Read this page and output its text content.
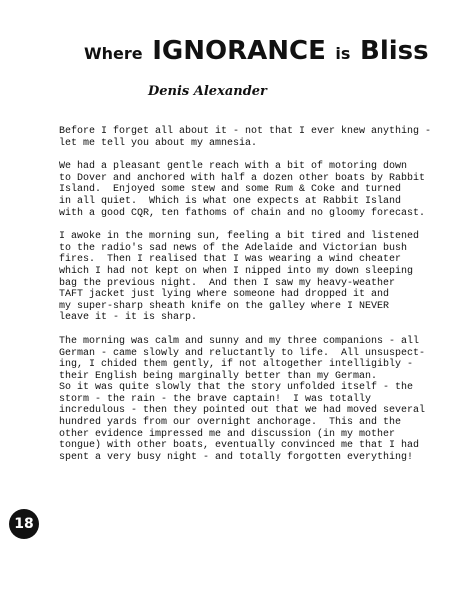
Where IGNORANCE is Bliss
Denis Alexander
Before I forget all about it - not that I ever knew anything -
let me tell you about my amnesia.
We had a pleasant gentle reach with a bit of motoring down
to Dover and anchored with half a dozen other boats by Rabbit
Island.  Enjoyed some stew and some Rum & Coke and turned
in all quiet.  Which is what one expects at Rabbit Island
with a good CQR, ten fathoms of chain and no gloomy forecast.
I awoke in the morning sun, feeling a bit tired and listened
to the radio's sad news of the Adelaide and Victorian bush
fires.  Then I realised that I was wearing a wind cheater
which I had not kept on when I nipped into my down sleeping
bag the previous night.  And then I saw my heavy-weather
TAFT jacket just lying where someone had dropped it and
my super-sharp sheath knife on the galley where I NEVER
leave it - it is sharp.
The morning was calm and sunny and my three companions - all
German - came slowly and reluctantly to life.  All unsuspect-
ing, I chided them gently, if not altogether intelligibly -
their English being marginally better than my German.
So it was quite slowly that the story unfolded itself - the
storm - the rain - the brave captain!  I was totally
incredulous - then they pointed out that we had moved several
hundred yards from our overnight anchorage.  This and the
other evidence impressed me and discussion (in my mother
tongue) with other boats, eventually convinced me that I had
spent a very busy night - and totally forgotten everything!
18
